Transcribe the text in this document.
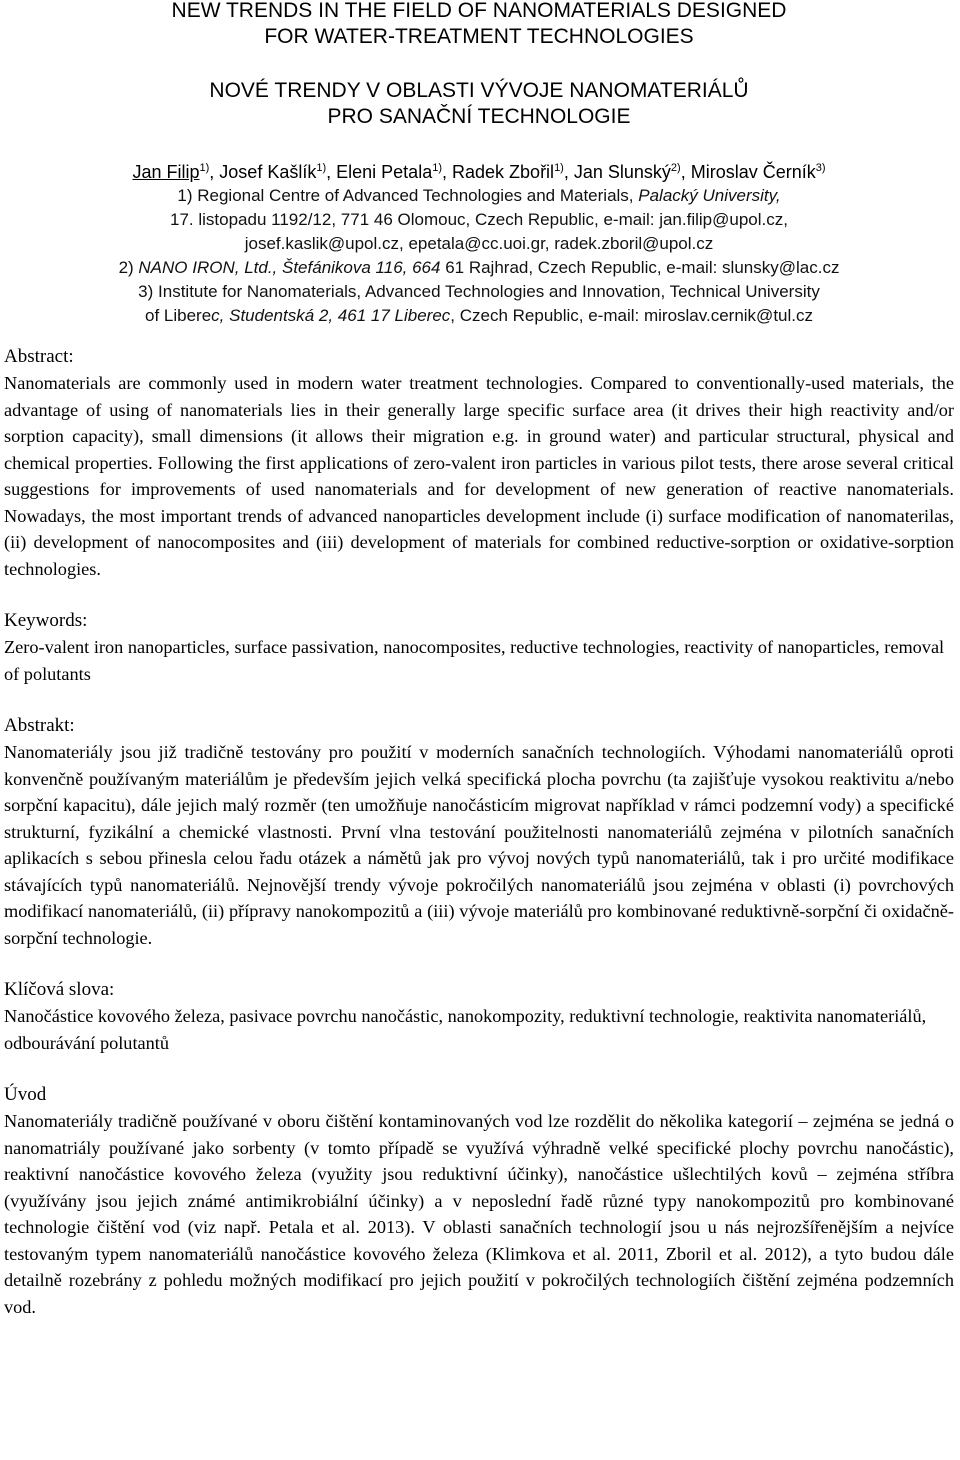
NEW TRENDS IN THE FIELD OF NANOMATERIALS DESIGNED
FOR WATER-TREATMENT TECHNOLOGIES
NOVÉ TRENDY V OBLASTI VÝVOJE NANOMATERIÁLŮ
PRO SANAČNÍ TECHNOLOGIE
Jan Filip$^{1)}$, Josef Kašlík$^{1)}$, Eleni Petala$^{1)}$, Radek Zbořil$^{1)}$, Jan Slunský$^{2)}$, Miroslav Černík$^{3)}$
1) Regional Centre of Advanced Technologies and Materials, Palacký University,
17. listopadu 1192/12, 771 46 Olomouc, Czech Republic, e-mail: jan.filip@upol.cz,
josef.kaslik@upol.cz, epetala@cc.uoi.gr, radek.zboril@upol.cz
2) NANO IRON, Ltd., Štefánikova 116, 664 61 Rajhrad, Czech Republic, e-mail: slunsky@lac.cz
3) Institute for Nanomaterials, Advanced Technologies and Innovation, Technical University
of Liberec, Studentská 2, 461 17 Liberec, Czech Republic, e-mail: miroslav.cernik@tul.cz
Abstract:
Nanomaterials are commonly used in modern water treatment technologies. Compared to conventionally-used materials, the advantage of using of nanomaterials lies in their generally large specific surface area (it drives their high reactivity and/or sorption capacity), small dimensions (it allows their migration e.g. in ground water) and particular structural, physical and chemical properties. Following the first applications of zero-valent iron particles in various pilot tests, there arose several critical suggestions for improvements of used nanomaterials and for development of new generation of reactive nanomaterials. Nowadays, the most important trends of advanced nanoparticles development include (i) surface modification of nanomaterilas, (ii) development of nanocomposites and (iii) development of materials for combined reductive-sorption or oxidative-sorption technologies.
Keywords:
Zero-valent iron nanoparticles, surface passivation, nanocomposites, reductive technologies, reactivity of nanoparticles, removal of polutants
Abstrakt:
Nanomateriály jsou již tradičně testovány pro použití v moderních sanačních technologiích. Výhodami nanomateriálů oproti konvenčně používaným materiálům je především jejich velká specifická plocha povrchu (ta zajišťuje vysokou reaktivitu a/nebo sorpční kapacitu), dále jejich malý rozměr (ten umožňuje nanočásticím migrovat například v rámci podzemní vody) a specifické strukturní, fyzikální a chemické vlastnosti. První vlna testování použitelnosti nanomateriálů zejména v pilotních sanačních aplikacích s sebou přinesla celou řadu otázek a námětů jak pro vývoj nových typů nanomateriálů, tak i pro určité modifikace stávajících typů nanomateriálů. Nejnovější trendy vývoje pokročilých nanomateriálů jsou zejména v oblasti (i) povrchových modifikací nanomateriálů, (ii) přípravy nanokompozitů a (iii) vývoje materiálů pro kombinované reduktivně-sorpční či oxidačně-sorpční technologie.
Klíčová slova:
Nanočástice kovového železa, pasivace povrchu nanočástic, nanokompozity, reduktivní technologie, reaktivita nanomateriálů, odbourávání polutantů
Úvod
Nanomateriály tradičně používané v oboru čištění kontaminovaných vod lze rozdělit do několika kategorií – zejména se jedná o nanomatriály používané jako sorbenty (v tomto případě se využívá výhradně velké specifické plochy povrchu nanočástic), reaktivní nanočástice kovového železa (využity jsou reduktivní účinky), nanočástice ušlechtilých kovů – zejména stříbra (využívány jsou jejich známé antimikrobiální účinky) a v neposlední řadě různé typy nanokompozitů pro kombinované technologie čištění vod (viz např. Petala et al. 2013). V oblasti sanačních technologií jsou u nás nejrozšířenějším a nejvíce testovaným typem nanomateriálů nanočástice kovového železa (Klimkova et al. 2011, Zboril et al. 2012), a tyto budou dále detailně rozebrány z pohledu možných modifikací pro jejich použití v pokročilých technologiích čištění zejména podzemních vod.
